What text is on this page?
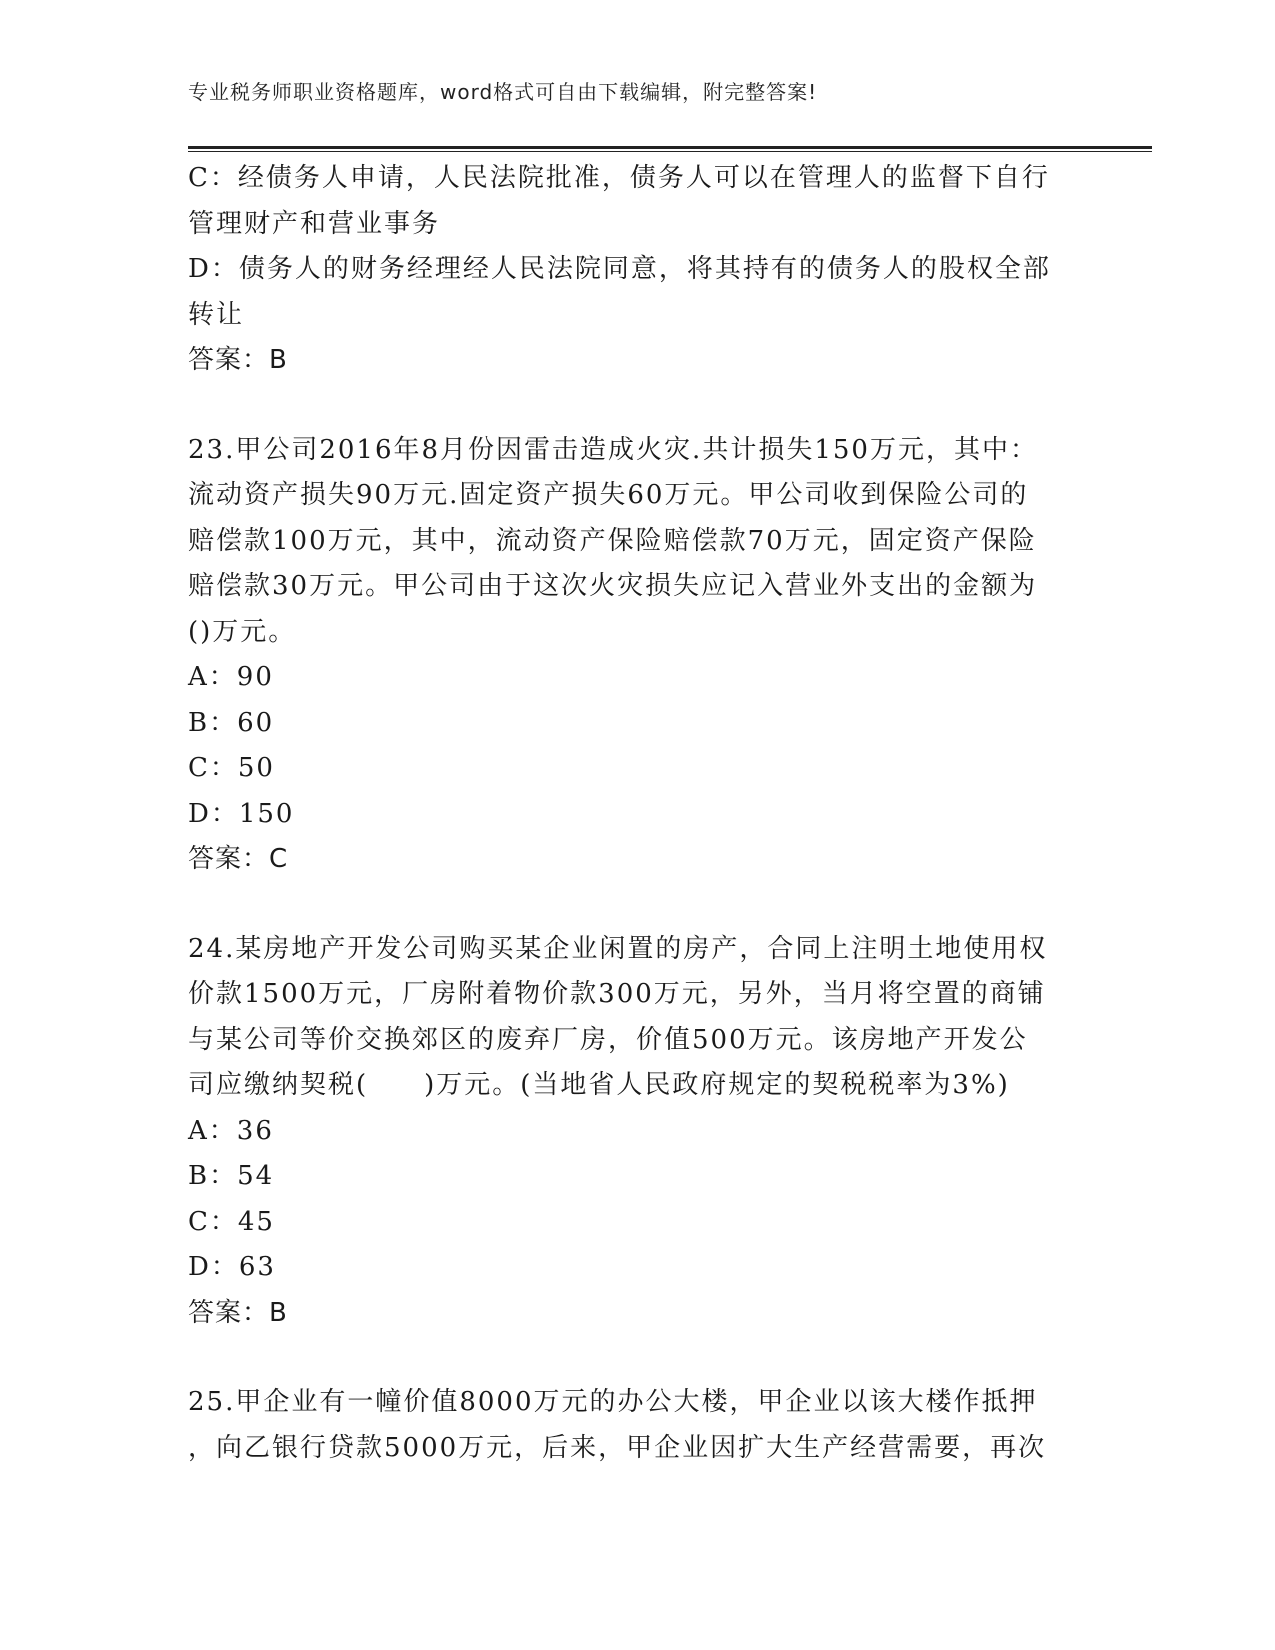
专业税务师职业资格题库，word格式可自由下载编辑，附完整答案!
C：经债务人申请，人民法院批准，债务人可以在管理人的监督下自行
管理财产和营业事务
D：债务人的财务经理经人民法院同意，将其持有的债务人的股权全部
转让
答案：B
23.甲公司2016年8月份因雷击造成火灾.共计损失150万元，其中：
流动资产损失90万元.固定资产损失60万元。甲公司收到保险公司的
赔偿款100万元，其中，流动资产保险赔偿款70万元，固定资产保险
赔偿款30万元。甲公司由于这次火灾损失应记入营业外支出的金额为
()万元。
A：90
B：60
C：50
D：150
答案：C
24.某房地产开发公司购买某企业闲置的房产，合同上注明土地使用权
价款1500万元，厂房附着物价款300万元，另外，当月将空置的商铺
与某公司等价交换郊区的废弃厂房，价值500万元。该房地产开发公
司应缴纳契税(　　)万元。(当地省人民政府规定的契税税率为3%)
A：36
B：54
C：45
D：63
答案：B
25.甲企业有一幢价值8000万元的办公大楼，甲企业以该大楼作抵押
，向乙银行贷款5000万元，后来，甲企业因扩大生产经营需要，再次
